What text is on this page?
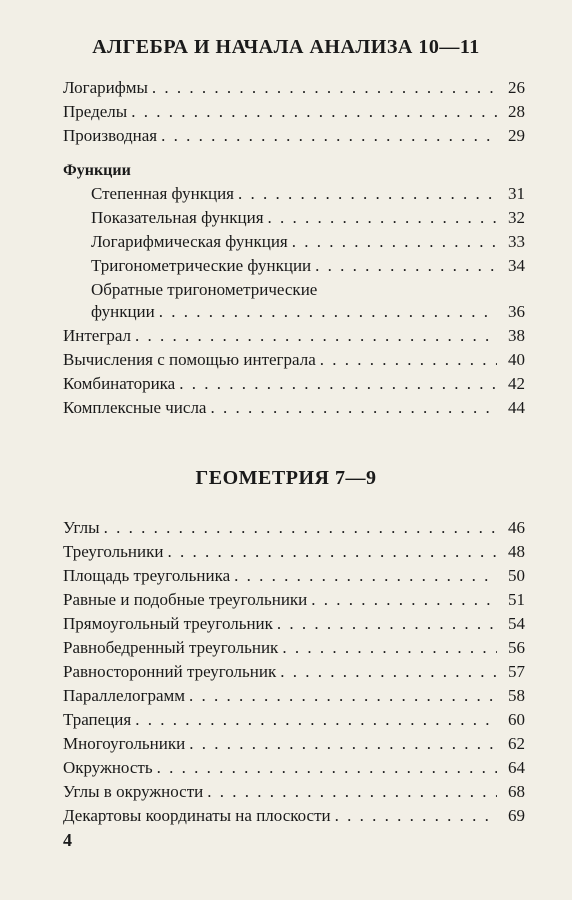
АЛГЕБРА И НАЧАЛА АНАЛИЗА 10—11
Логарифмы . . .	26
Пределы . . .	28
Производная . . .	29
Функции
Степенная функция . . .	31
Показательная функция . . .	32
Логарифмическая функция . . .	33
Тригонометрические функции . . .	34
Обратные тригонометрические
функции . . .	36
Интеграл . . .	38
Вычисления с помощью интеграла . . .	40
Комбинаторика . . .	42
Комплексные числа . . .	44
ГЕОМЕТРИЯ 7—9
Углы . . .	46
Треугольники . . .	48
Площадь треугольника . . .	50
Равные и подобные треугольники . . .	51
Прямоугольный треугольник . . .	54
Равнобедренный треугольник . . .	56
Равносторонний треугольник . . .	57
Параллелограмм . . .	58
Трапеция . . .	60
Многоугольники . . .	62
Окружность . . .	64
Углы в окружности . . .	68
Декартовы координаты на плоскости . . .	69
4
